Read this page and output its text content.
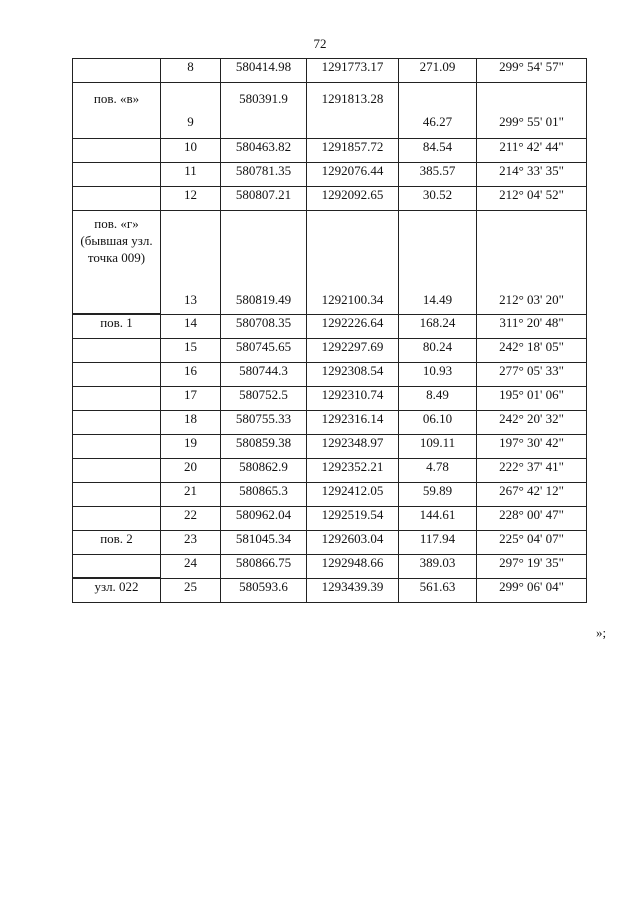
72
	8	580414.98	1291773.17	271.09	299° 54' 57"
пов. «в»	9	580391.9	1291813.28	46.27	299° 55' 01"
	10	580463.82	1291857.72	84.54	211° 42' 44"
	11	580781.35	1292076.44	385.57	214° 33' 35"
	12	580807.21	1292092.65	30.52	212° 04' 52"
пов. «г» (бывшая узл. точка 009)	13	580819.49	1292100.34	14.49	212° 03' 20"
пов. 1	14	580708.35	1292226.64	168.24	311° 20' 48"
	15	580745.65	1292297.69	80.24	242° 18' 05"
	16	580744.3	1292308.54	10.93	277° 05' 33"
	17	580752.5	1292310.74	8.49	195° 01' 06"
	18	580755.33	1292316.14	06.10	242° 20' 32"
	19	580859.38	1292348.97	109.11	197° 30' 42"
	20	580862.9	1292352.21	4.78	222° 37' 41"
	21	580865.3	1292412.05	59.89	267° 42' 12"
	22	580962.04	1292519.54	144.61	228° 00' 47"
пов. 2	23	581045.34	1292603.04	117.94	225° 04' 07"
	24	580866.75	1292948.66	389.03	297° 19' 35"
узл. 022	25	580593.6	1293439.39	561.63	299° 06' 04"
»;
